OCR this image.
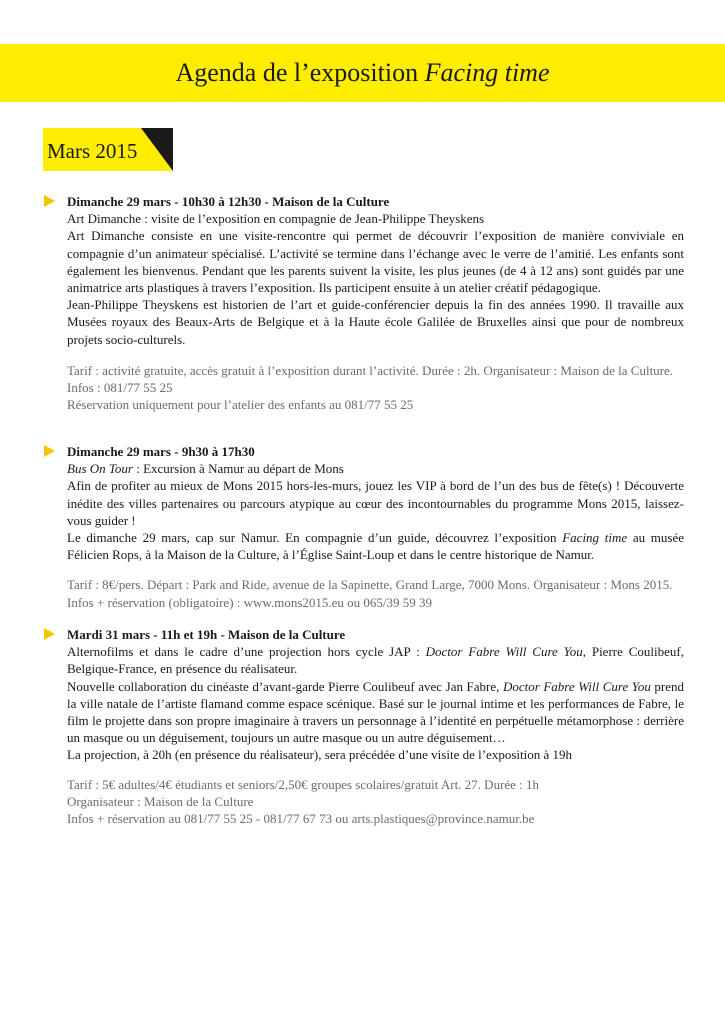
Agenda de l’exposition Facing time
Mars 2015
Dimanche 29 mars - 10h30 à 12h30 - Maison de la Culture
Art Dimanche : visite de l’exposition en compagnie de Jean-Philippe Theyskens
Art Dimanche consiste en une visite-rencontre qui permet de découvrir l’exposition de manière conviviale en compagnie d’un animateur spécialisé. L’activité se termine dans l’échange avec le verre de l’amitié. Les enfants sont également les bienvenus. Pendant que les parents suivent la visite, les plus jeunes (de 4 à 12 ans) sont guidés par une animatrice arts plastiques à travers l’exposition. Ils participent ensuite à un atelier créatif pédagogique.
Jean-Philippe Theyskens est historien de l’art et guide-conférencier depuis la fin des années 1990. Il travaille aux Musées royaux des Beaux-Arts de Belgique et à la Haute école Galilée de Bruxelles ainsi que pour de nombreux projets socio-culturels.
Tarif : activité gratuite, accès gratuit à l’exposition durant l’activité. Durée : 2h. Organisateur : Maison de la Culture. Infos : 081/77 55 25
Réservation uniquement pour l’atelier des enfants au 081/77 55 25
Dimanche 29 mars - 9h30 à 17h30
Bus On Tour : Excursion à Namur au départ de Mons
Afin de profiter au mieux de Mons 2015 hors-les-murs, jouez les VIP à bord de l’un des bus de fête(s) ! Découverte inédite des villes partenaires ou parcours atypique au cœur des incontournables du programme Mons 2015, laissez-vous guider !
Le dimanche 29 mars, cap sur Namur. En compagnie d’un guide, découvrez l’exposition Facing time au musée Félicien Rops, à la Maison de la Culture, à l’Église Saint-Loup et dans le centre historique de Namur.
Tarif : 8€/pers. Départ : Park and Ride, avenue de la Sapinette, Grand Large, 7000 Mons. Organisateur : Mons 2015. Infos + réservation (obligatoire) : www.mons2015.eu ou 065/39 59 39
Mardi 31 mars - 11h et 19h - Maison de la Culture
Alternofilms et dans le cadre d’une projection hors cycle JAP : Doctor Fabre Will Cure You, Pierre Coulibeuf, Belgique-France, en présence du réalisateur.
Nouvelle collaboration du cinéaste d’avant-garde Pierre Coulibeuf avec Jan Fabre, Doctor Fabre Will Cure You prend la ville natale de l’artiste flamand comme espace scénique. Basé sur le journal intime et les performances de Fabre, le film le projette dans son propre imaginaire à travers un personnage à l’identité en perpétuelle métamorphose : derrière un masque ou un déguisement, toujours un autre masque ou un autre déguisement…
La projection, à 20h (en présence du réalisateur), sera précédée d’une visite de l’exposition à 19h
Tarif : 5€ adultes/4€ étudiants et seniors/2,50€ groupes scolaires/gratuit Art. 27. Durée : 1h
Organisateur : Maison de la Culture
Infos + réservation au 081/77 55 25 - 081/77 67 73 ou arts.plastiques@province.namur.be
